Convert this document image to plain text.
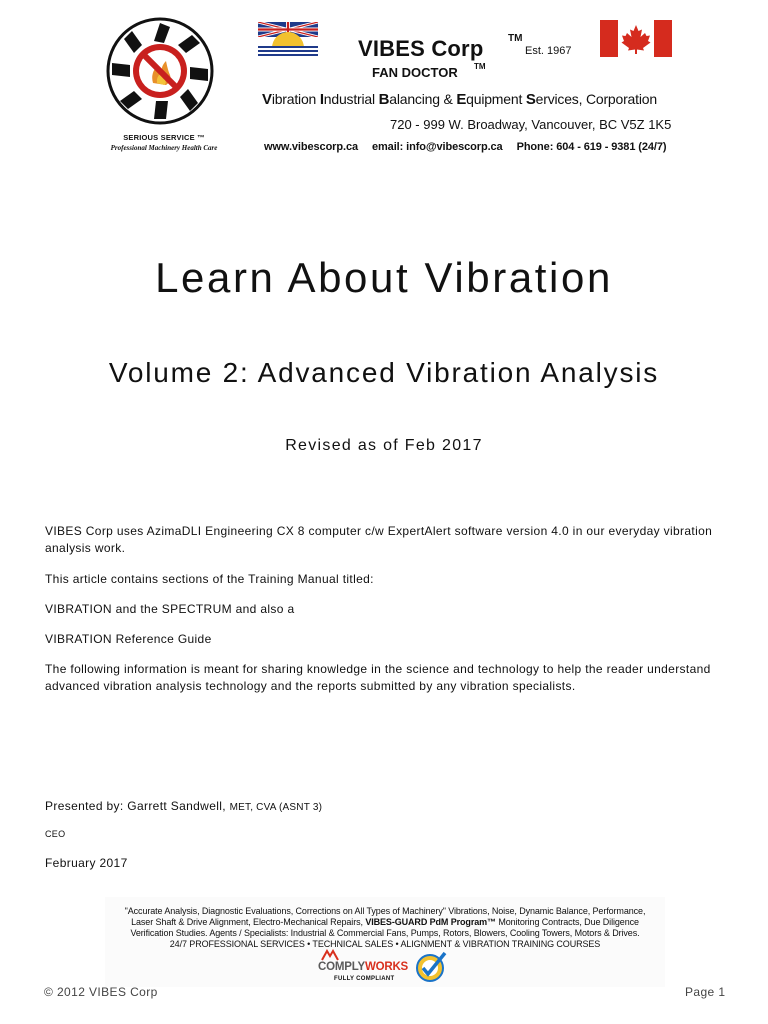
SERIOUS SERVICE ™
Professional Machinery Health Care
VIBES Corp TM
Est. 1967
FAN DOCTOR TM
Vibration Industrial Balancing & Equipment Services, Corporation
720 - 999 W. Broadway, Vancouver, BC V5Z 1K5
www.vibescorp.ca email: info@vibescorp.ca Phone: 604 - 619 - 9381 (24/7)
Learn About Vibration
Volume 2: Advanced Vibration Analysis
Revised as of Feb 2017
VIBES Corp uses AzimaDLI Engineering CX 8 computer c/w ExpertAlert software version 4.0 in our everyday vibration analysis work.
This article contains sections of the Training Manual titled:
VIBRATION and the SPECTRUM and also a
VIBRATION Reference Guide
The following information is meant for sharing knowledge in the science and technology to help the reader understand advanced vibration analysis technology and the reports submitted by any vibration specialists.
Presented by: Garrett Sandwell, MET, CVA (ASNT 3)
CEO
February 2017
"Accurate Analysis, Diagnostic Evaluations, Corrections on All Types of Machinery" Vibrations, Noise, Dynamic Balance, Performance,
Laser Shaft & Drive Alignment, Electro-Mechanical Repairs, VIBES-GUARD PdM Program™ Monitoring Contracts, Due Diligence
Verification Studies. Agents / Specialists: Industrial & Commercial Fans, Pumps, Rotors, Blowers, Cooling Towers, Motors & Drives.
24/7 PROFESSIONAL SERVICES • TECHNICAL SALES • ALIGNMENT & VIBRATION TRAINING COURSES
COMPLYWORKS
FULLY COMPLIANT
© 2012 VIBES Corp	Page 1
